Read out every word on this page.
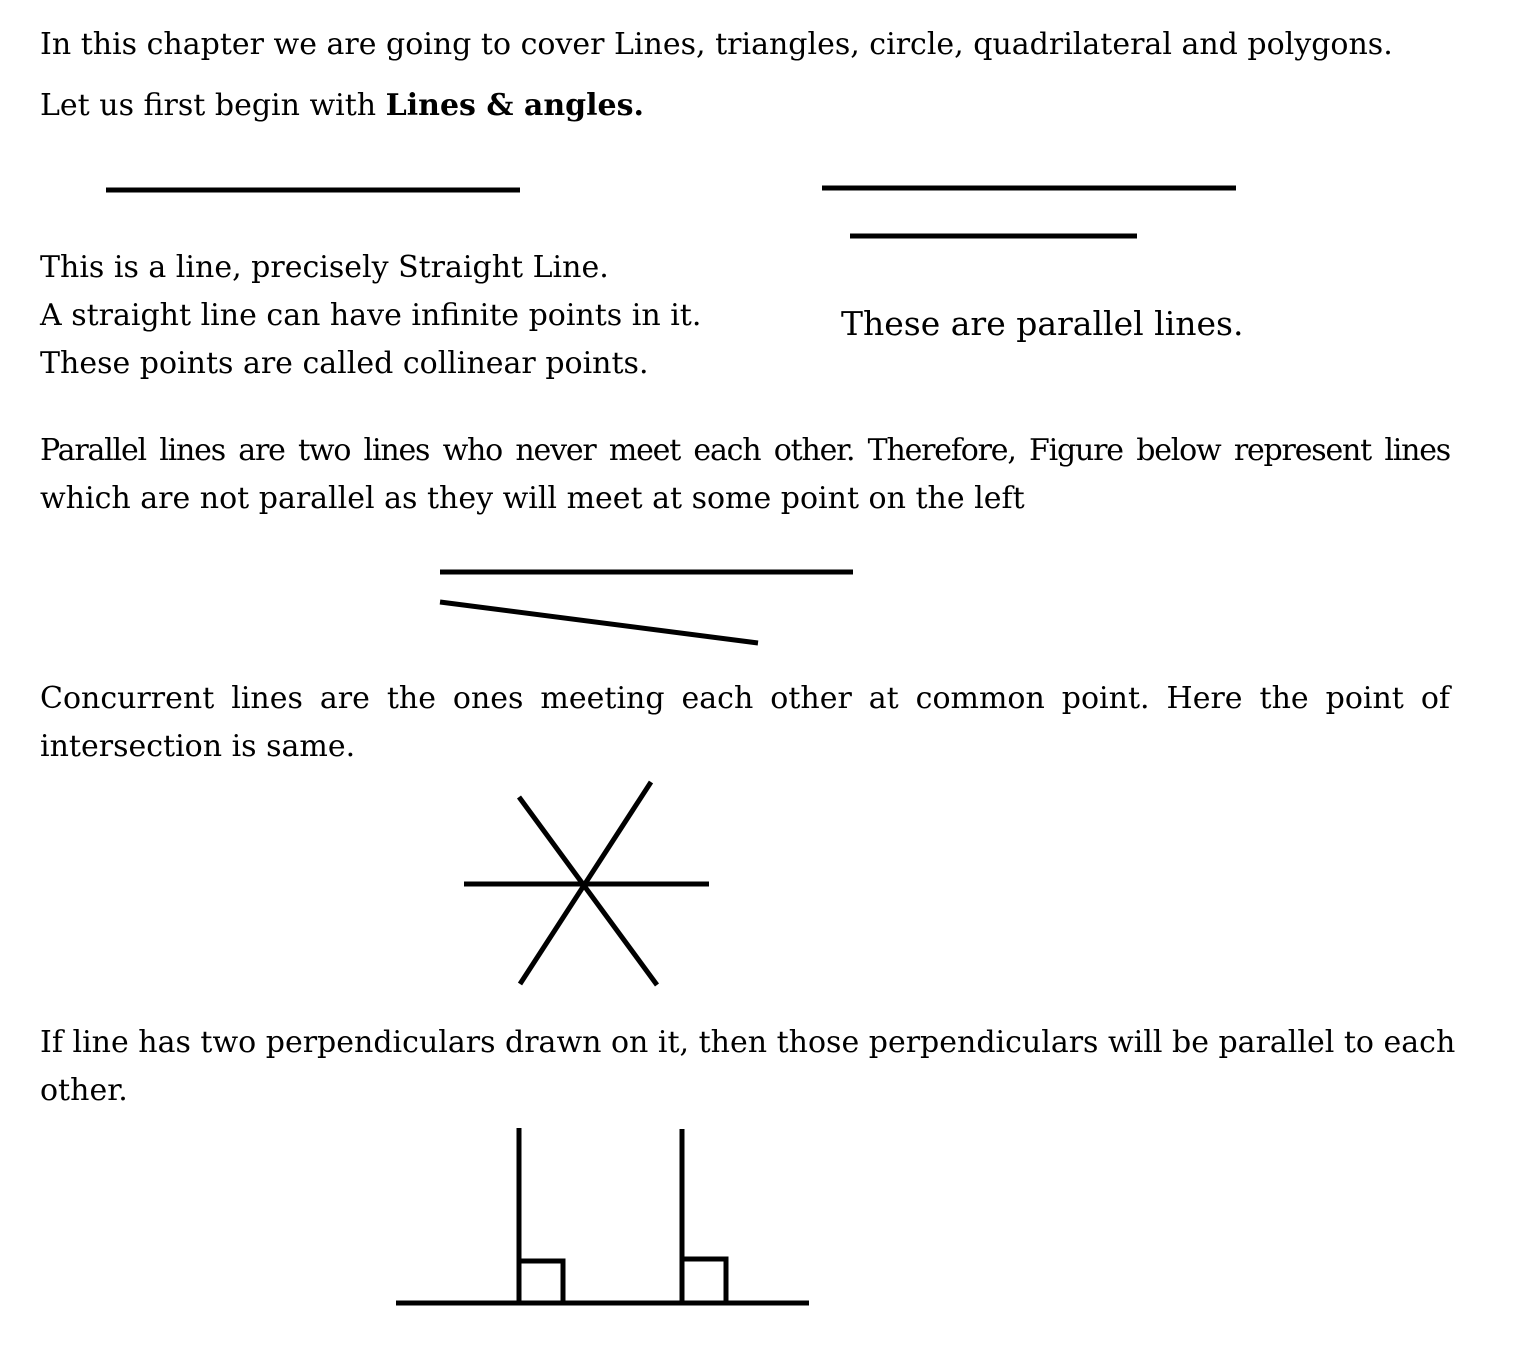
In this chapter we are going to cover Lines, triangles, circle, quadrilateral and polygons.

Let us first begin with Lines & angles.

This is a line, precisely Straight Line.
A straight line can have infinite points in it.
These points are called collinear points.

These are parallel lines.

Parallel lines are two lines who never meet each other. Therefore, Figure below represent lines
which are not parallel as they will meet at some point on the left
Concurrent lines are the ones meeting each other at common point. Here the point of
intersection is same.
If line has two perpendiculars drawn on it, then those perpendiculars will be parallel to each
other.
